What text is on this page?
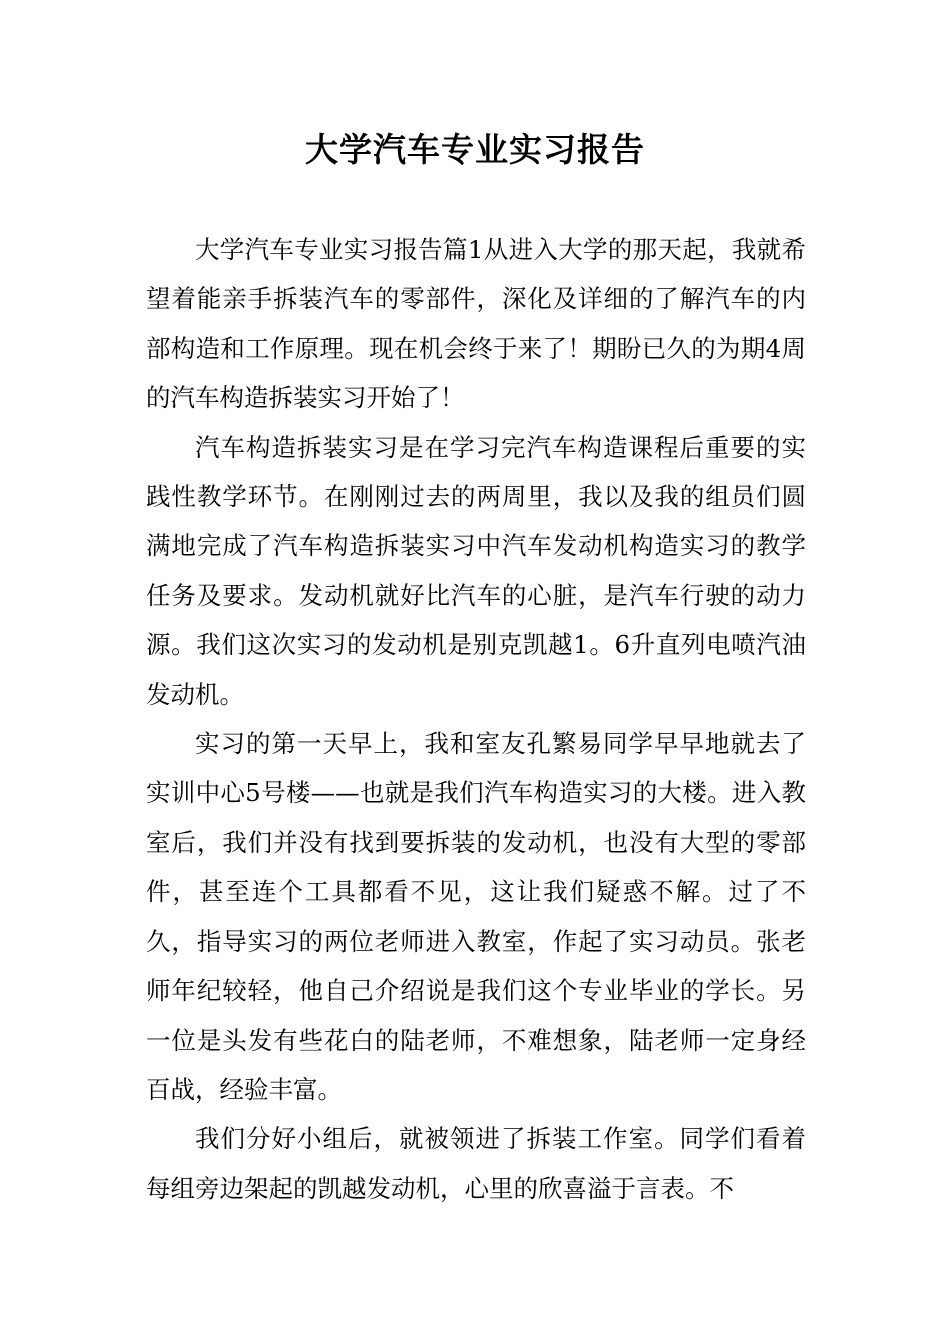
大学汽车专业实习报告

大学汽车专业实习报告篇1从进入大学的那天起，我就希望着能亲手拆装汽车的零部件，深化及详细的了解汽车的内部构造和工作原理。现在机会终于来了！期盼已久的为期4周的汽车构造拆装实习开始了！

汽车构造拆装实习是在学习完汽车构造课程后重要的实践性教学环节。在刚刚过去的两周里，我以及我的组员们圆满地完成了汽车构造拆装实习中汽车发动机构造实习的教学任务及要求。发动机就好比汽车的心脏，是汽车行驶的动力源。我们这次实习的发动机是别克凯越1。6升直列电喷汽油发动机。

实习的第一天早上，我和室友孔繁易同学早早地就去了实训中心5号楼——也就是我们汽车构造实习的大楼。进入教室后，我们并没有找到要拆装的发动机，也没有大型的零部件，甚至连个工具都看不见，这让我们疑惑不解。过了不久，指导实习的两位老师进入教室，作起了实习动员。张老师年纪较轻，他自己介绍说是我们这个专业毕业的学长。另一位是头发有些花白的陆老师，不难想象，陆老师一定身经百战，经验丰富。

我们分好小组后，就被领进了拆装工作室。同学们看着每组旁边架起的凯越发动机，心里的欣喜溢于言表。不
